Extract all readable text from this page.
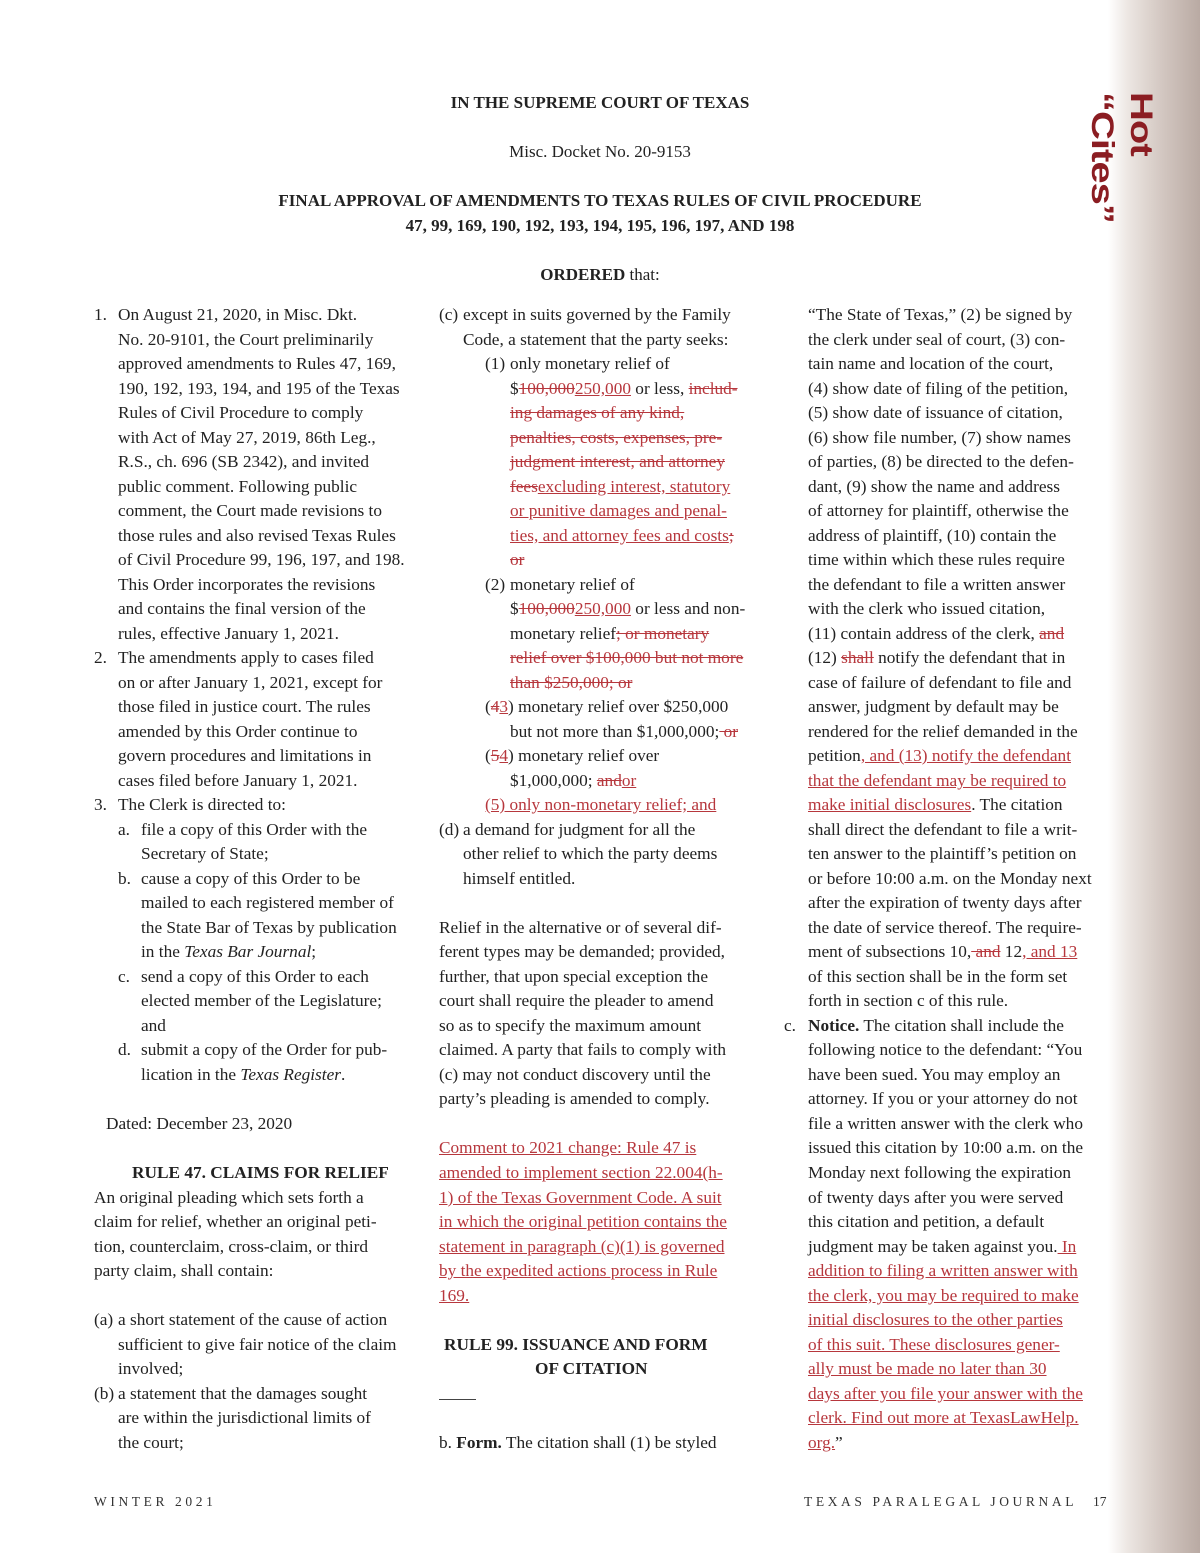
Hot “Cites”
IN THE SUPREME COURT OF TEXAS
Misc. Docket No. 20-9153
FINAL APPROVAL OF AMENDMENTS TO TEXAS RULES OF CIVIL PROCEDURE
47, 99, 169, 190, 192, 193, 194, 195, 196, 197, AND 198
ORDERED that:
1. On August 21, 2020, in Misc. Dkt.
No. 20-9101, the Court preliminarily
approved amendments to Rules 47, 169,
190, 192, 193, 194, and 195 of the Texas
Rules of Civil Procedure to comply
with Act of May 27, 2019, 86th Leg.,
R.S., ch. 696 (SB 2342), and invited
public comment. Following public
comment, the Court made revisions to
those rules and also revised Texas Rules
of Civil Procedure 99, 196, 197, and 198.
This Order incorporates the revisions
and contains the final version of the
rules, effective January 1, 2021.
2. The amendments apply to cases filed
on or after January 1, 2021, except for
those filed in justice court. The rules
amended by this Order continue to
govern procedures and limitations in
cases filed before January 1, 2021.
3. The Clerk is directed to:
a. file a copy of this Order with the
Secretary of State;
b. cause a copy of this Order to be
mailed to each registered member of
the State Bar of Texas by publication
in the Texas Bar Journal;
c. send a copy of this Order to each
elected member of the Legislature;
and
d. submit a copy of the Order for pub-
lication in the Texas Register.
Dated: December 23, 2020
RULE 47. CLAIMS FOR RELIEF
An original pleading which sets forth a
claim for relief, whether an original peti-
tion, counterclaim, cross-claim, or third
party claim, shall contain:
(a) a short statement of the cause of action
sufficient to give fair notice of the claim
involved;
(b) a statement that the damages sought
are within the jurisdictional limits of
the court;
(c) except in suits governed by the Family
Code, a statement that the party seeks:
(1) only monetary relief of
$100,000250,000 or less, includ-
ing damages of any kind,
penalties, costs, expenses, pre-
judgment interest, and attorney
feesexcluding interest, statutory
or punitive damages and penal-
ties, and attorney fees and costs;
or
(2) monetary relief of
$100,000250,000 or less and non-
monetary relief; or monetary
relief over $100,000 but not more
than $250,000; or
(43) monetary relief over $250,000
but not more than $1,000,000; or
(54) monetary relief over
$1,000,000; andor
(5) only non-monetary relief; and
(d) a demand for judgment for all the
other relief to which the party deems
himself entitled.
Relief in the alternative or of several dif-
ferent types may be demanded; provided,
further, that upon special exception the
court shall require the pleader to amend
so as to specify the maximum amount
claimed. A party that fails to comply with
(c) may not conduct discovery until the
party’s pleading is amended to comply.
Comment to 2021 change: Rule 47 is
amended to implement section 22.004(h-
1) of the Texas Government Code. A suit
in which the original petition contains the
statement in paragraph (c)(1) is governed
by the expedited actions process in Rule
169.
RULE 99. ISSUANCE AND FORM
OF CITATION
b. Form. The citation shall (1) be styled
“The State of Texas,” (2) be signed by
the clerk under seal of court, (3) con-
tain name and location of the court,
(4) show date of filing of the petition,
(5) show date of issuance of citation,
(6) show file number, (7) show names
of parties, (8) be directed to the defen-
dant, (9) show the name and address
of attorney for plaintiff, otherwise the
address of plaintiff, (10) contain the
time within which these rules require
the defendant to file a written answer
with the clerk who issued citation,
(11) contain address of the clerk, and
(12) shall notify the defendant that in
case of failure of defendant to file and
answer, judgment by default may be
rendered for the relief demanded in the
petition, and (13) notify the defendant
that the defendant may be required to
make initial disclosures. The citation
shall direct the defendant to file a writ-
ten answer to the plaintiff’s petition on
or before 10:00 a.m. on the Monday next
after the expiration of twenty days after
the date of service thereof. The require-
ment of subsections 10, and 12, and 13
of this section shall be in the form set
forth in section c of this rule.
c. Notice. The citation shall include the
following notice to the defendant: “You
have been sued. You may employ an
attorney. If you or your attorney do not
file a written answer with the clerk who
issued this citation by 10:00 a.m. on the
Monday next following the expiration
of twenty days after you were served
this citation and petition, a default
judgment may be taken against you. In
addition to filing a written answer with
the clerk, you may be required to make
initial disclosures to the other parties
of this suit. These disclosures gener-
ally must be made no later than 30
days after you file your answer with the
clerk. Find out more at TexasLawHelp.
org.”
WINTER 2021	TEXAS PARALEGAL JOURNAL 17
